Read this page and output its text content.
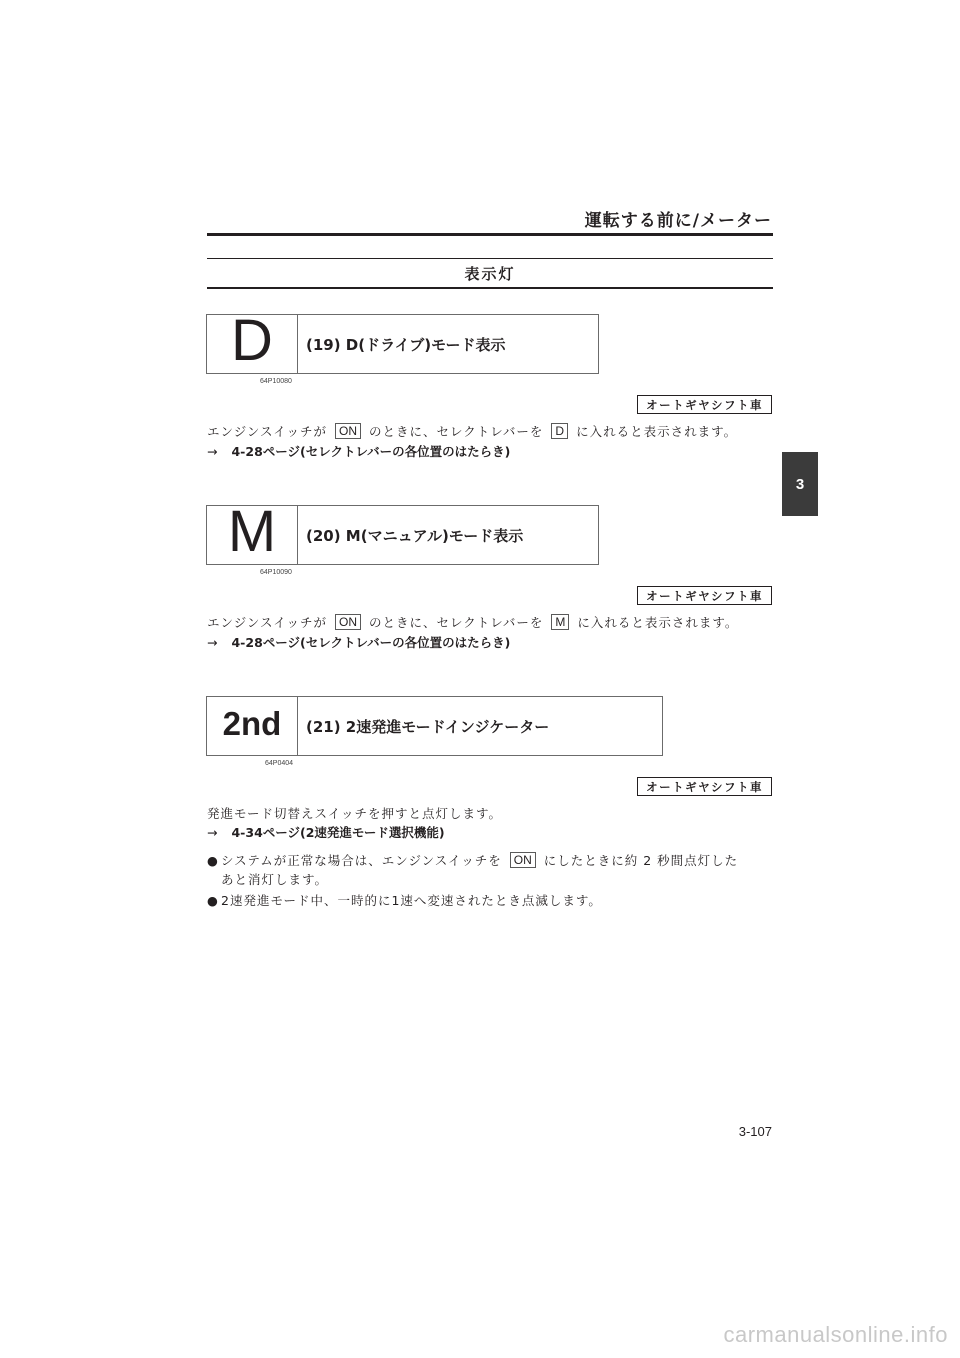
運転する前に/メーター
表示灯
3
D
64P10080
(19) D(ドライブ)モード表示
オートギヤシフト車
エンジンスイッチが ON のときに、セレクトレバーを D に入れると表示されます。
→ 4-28ページ(セレクトレバーの各位置のはたらき)
M
64P10090
(20) M(マニュアル)モード表示
オートギヤシフト車
エンジンスイッチが ON のときに、セレクトレバーを M に入れると表示されます。
→ 4-28ページ(セレクトレバーの各位置のはたらき)
2nd
64P0404
(21) 2速発進モードインジケーター
オートギヤシフト車
発進モード切替えスイッチを押すと点灯します。
→ 4-34ページ(2速発進モード選択機能)
● システムが正常な場合は、エンジンスイッチを ON にしたときに約 2 秒間点灯した
あと消灯します。
● 2速発進モード中、一時的に1速へ変速されたとき点滅します。
3-107
carmanualsonline.info
